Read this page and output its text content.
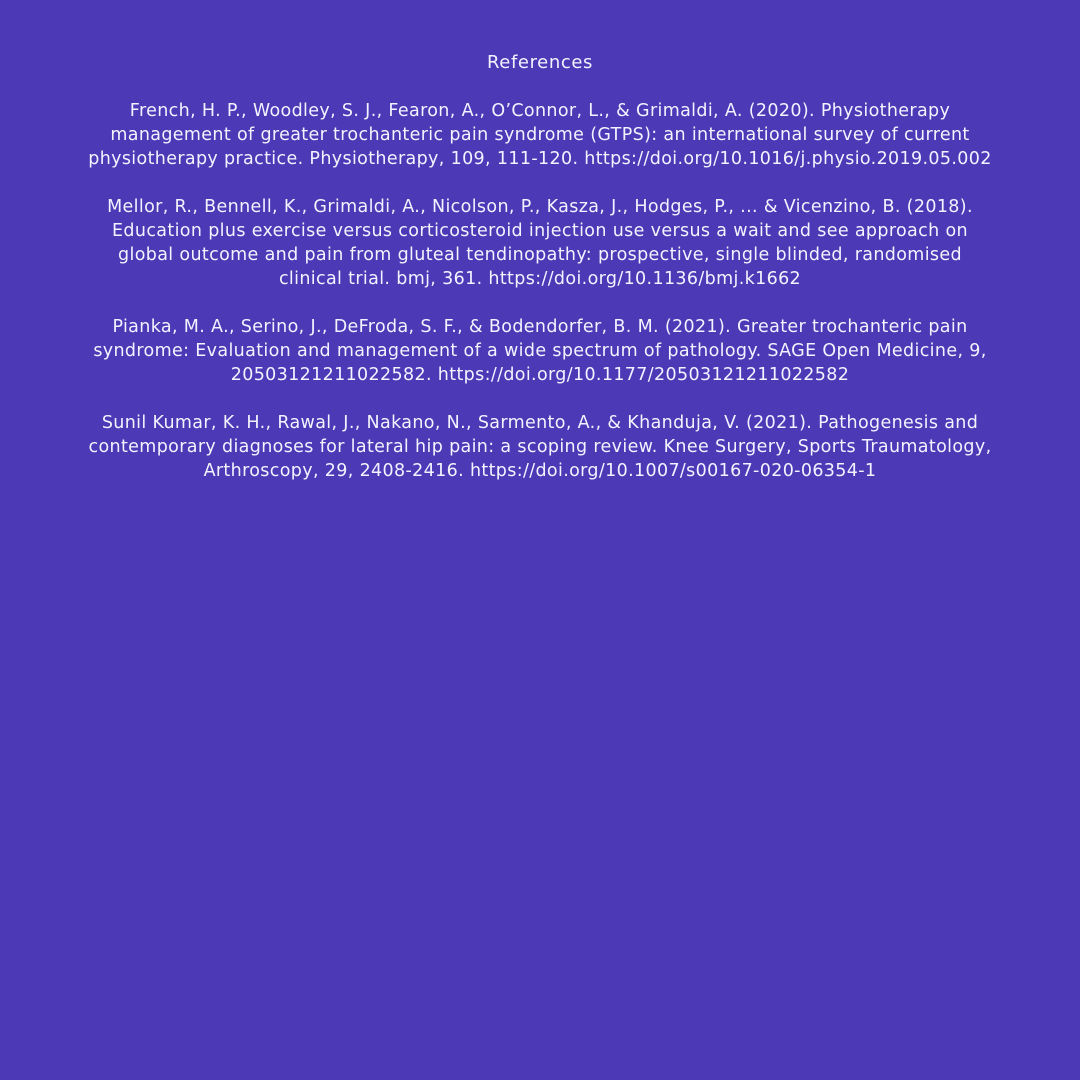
References

French, H. P., Woodley, S. J., Fearon, A., O’Connor, L., & Grimaldi, A. (2020). Physiotherapy
management of greater trochanteric pain syndrome (GTPS): an international survey of current
physiotherapy practice. Physiotherapy, 109, 111-120. https://doi.org/10.1016/j.physio.2019.05.002

Mellor, R., Bennell, K., Grimaldi, A., Nicolson, P., Kasza, J., Hodges, P., ... & Vicenzino, B. (2018).
Education plus exercise versus corticosteroid injection use versus a wait and see approach on
global outcome and pain from gluteal tendinopathy: prospective, single blinded, randomised
clinical trial. bmj, 361. https://doi.org/10.1136/bmj.k1662

Pianka, M. A., Serino, J., DeFroda, S. F., & Bodendorfer, B. M. (2021). Greater trochanteric pain
syndrome: Evaluation and management of a wide spectrum of pathology. SAGE Open Medicine, 9,
20503121211022582. https://doi.org/10.1177/20503121211022582

Sunil Kumar, K. H., Rawal, J., Nakano, N., Sarmento, A., & Khanduja, V. (2021). Pathogenesis and
contemporary diagnoses for lateral hip pain: a scoping review. Knee Surgery, Sports Traumatology,
Arthroscopy, 29, 2408-2416. https://doi.org/10.1007/s00167-020-06354-1
